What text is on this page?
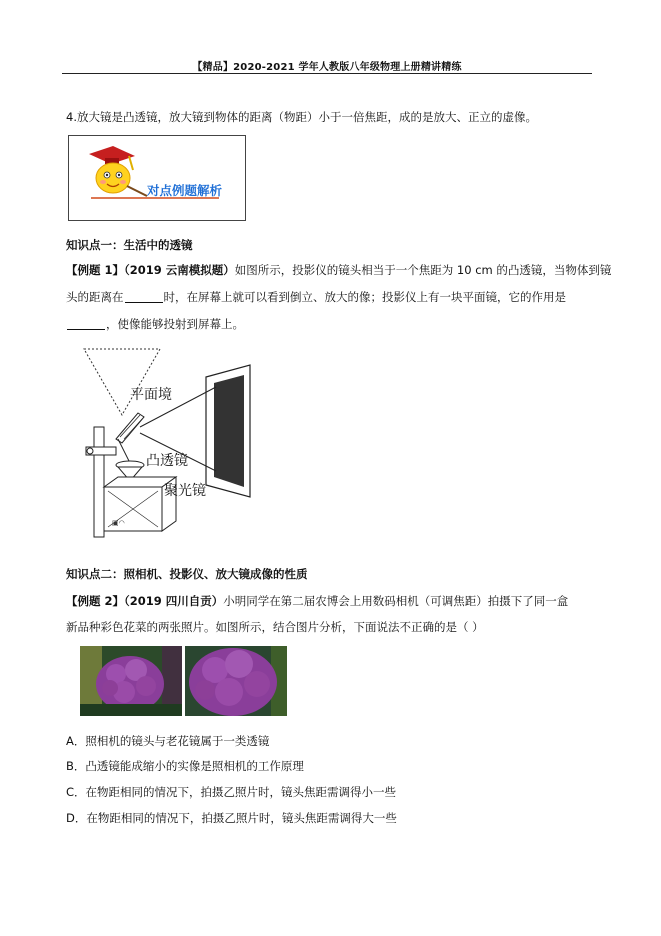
【精品】2020-2021 学年人教版八年级物理上册精讲精练
4.放大镜是凸透镜，放大镜到物体的距离（物距）小于一倍焦距，成的是放大、正立的虚像。
对点例题解析
知识点一：生活中的透镜
【例题 1】（2019 云南模拟题）如图所示，投影仪的镜头相当于一个焦距为 10 cm 的凸透镜，当物体到镜
头的距离在	时，在屏幕上就可以看到倒立、放大的像；投影仪上有一块平面镜，它的作用是
，使像能够投射到屏幕上。
▣◠
平面境
凸透镜
聚光镜
知识点二：照相机、投影仪、放大镜成像的性质
【例题 2】（2019 四川自贡）小明同学在第二届农博会上用数码相机（可调焦距）拍摄下了同一盒
新品种彩色花菜的两张照片。如图所示，结合图片分析，下面说法不正确的是（ ）
A．照相机的镜头与老花镜属于一类透镜
B．凸透镜能成缩小的实像是照相机的工作原理
C．在物距相同的情况下，拍摄乙照片时，镜头焦距需调得小一些
D．在物距相同的情况下，拍摄乙照片时，镜头焦距需调得大一些
